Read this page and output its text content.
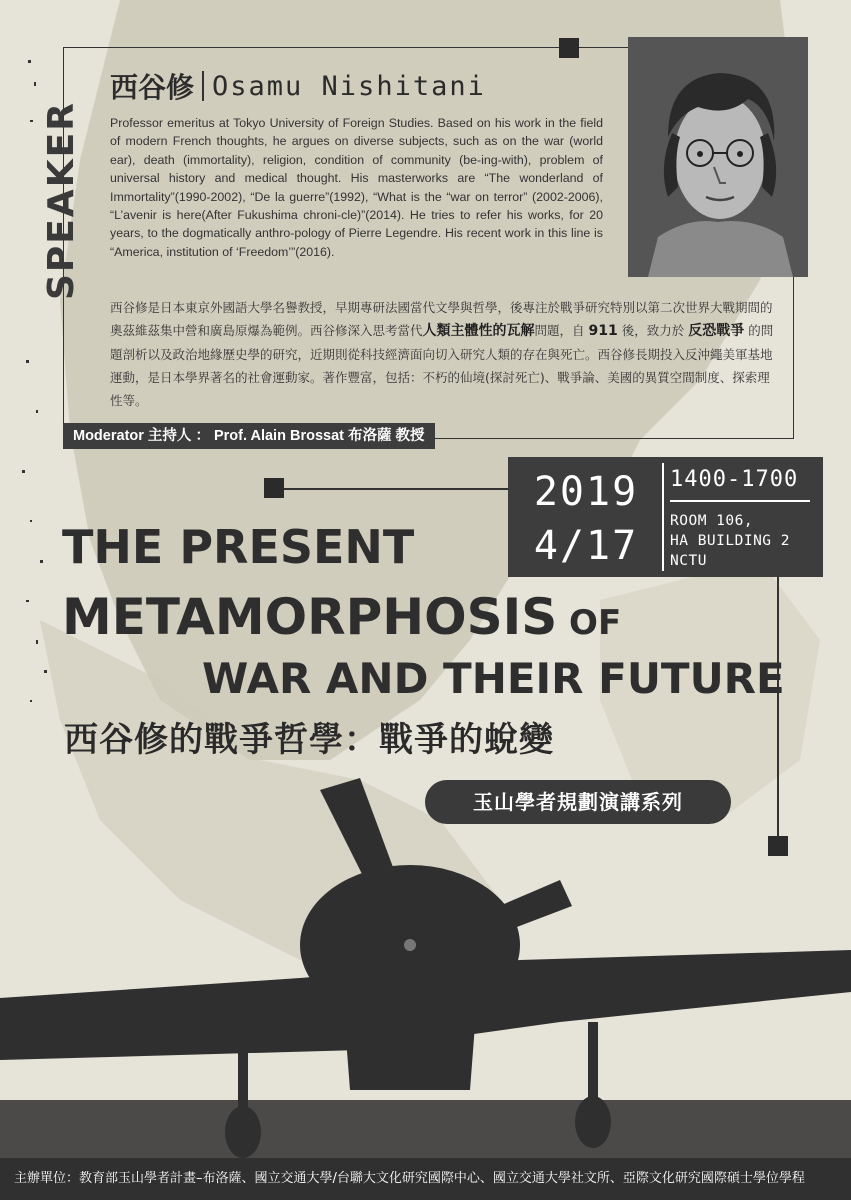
SPEAKER
西谷修 Osamu Nishitani

Professor emeritus at Tokyo University of Foreign Studies. Based on his work in the field of modern French thoughts, he argues on diverse subjects, such as on the war (world ear), death (immortality), religion, condition of community (be-ing-with), problem of universal history and medical thought. His masterworks are “The wonderland of Immortality”(1990-2002), “De la guerre”(1992), “What is the “war on terror” (2002-2006), “L’avenir is here(After Fukushima chroni-cle)”(2014). He tries to refer his works, for 20 years, to the dogmatically anthro-pology of Pierre Legendre. His recent work in this line is “America, institution of ‘Freedom’”(2016).

西谷修是日本東京外國語大學名譽教授，早期專研法國當代文學與哲學，後專注於戰爭研究特別以第二次世界大戰期間的奧茲維茲集中營和廣島原爆為範例。西谷修深入思考當代人類主體性的瓦解問題，自 911 後，致力於 反恐戰爭 的問題剖析以及政治地緣歷史學的研究，近期則從科技經濟面向切入研究人類的存在與死亡。西谷修長期投入反沖繩美軍基地運動，是日本學界著名的社會運動家。著作豐富，包括：不朽的仙境(探討死亡)、戰爭論、美國的異質空間制度、探索理性等。

Moderator 主持人 ： Prof. Alain Brossat 布洛薩 教授
2019
4/17
1400-1700
ROOM 106,
HA BUILDING 2
NCTU
THE PRESENT
METAMORPHOSIS OF
WAR AND THEIR FUTURE
西谷修的戰爭哲學：戰爭的蛻變
玉山學者規劃演講系列
主辦單位：教育部玉山學者計畫–布洛薩、國立交通大學/台聯大文化研究國際中心、國立交通大學社文所、亞際文化研究國際碩士學位學程
